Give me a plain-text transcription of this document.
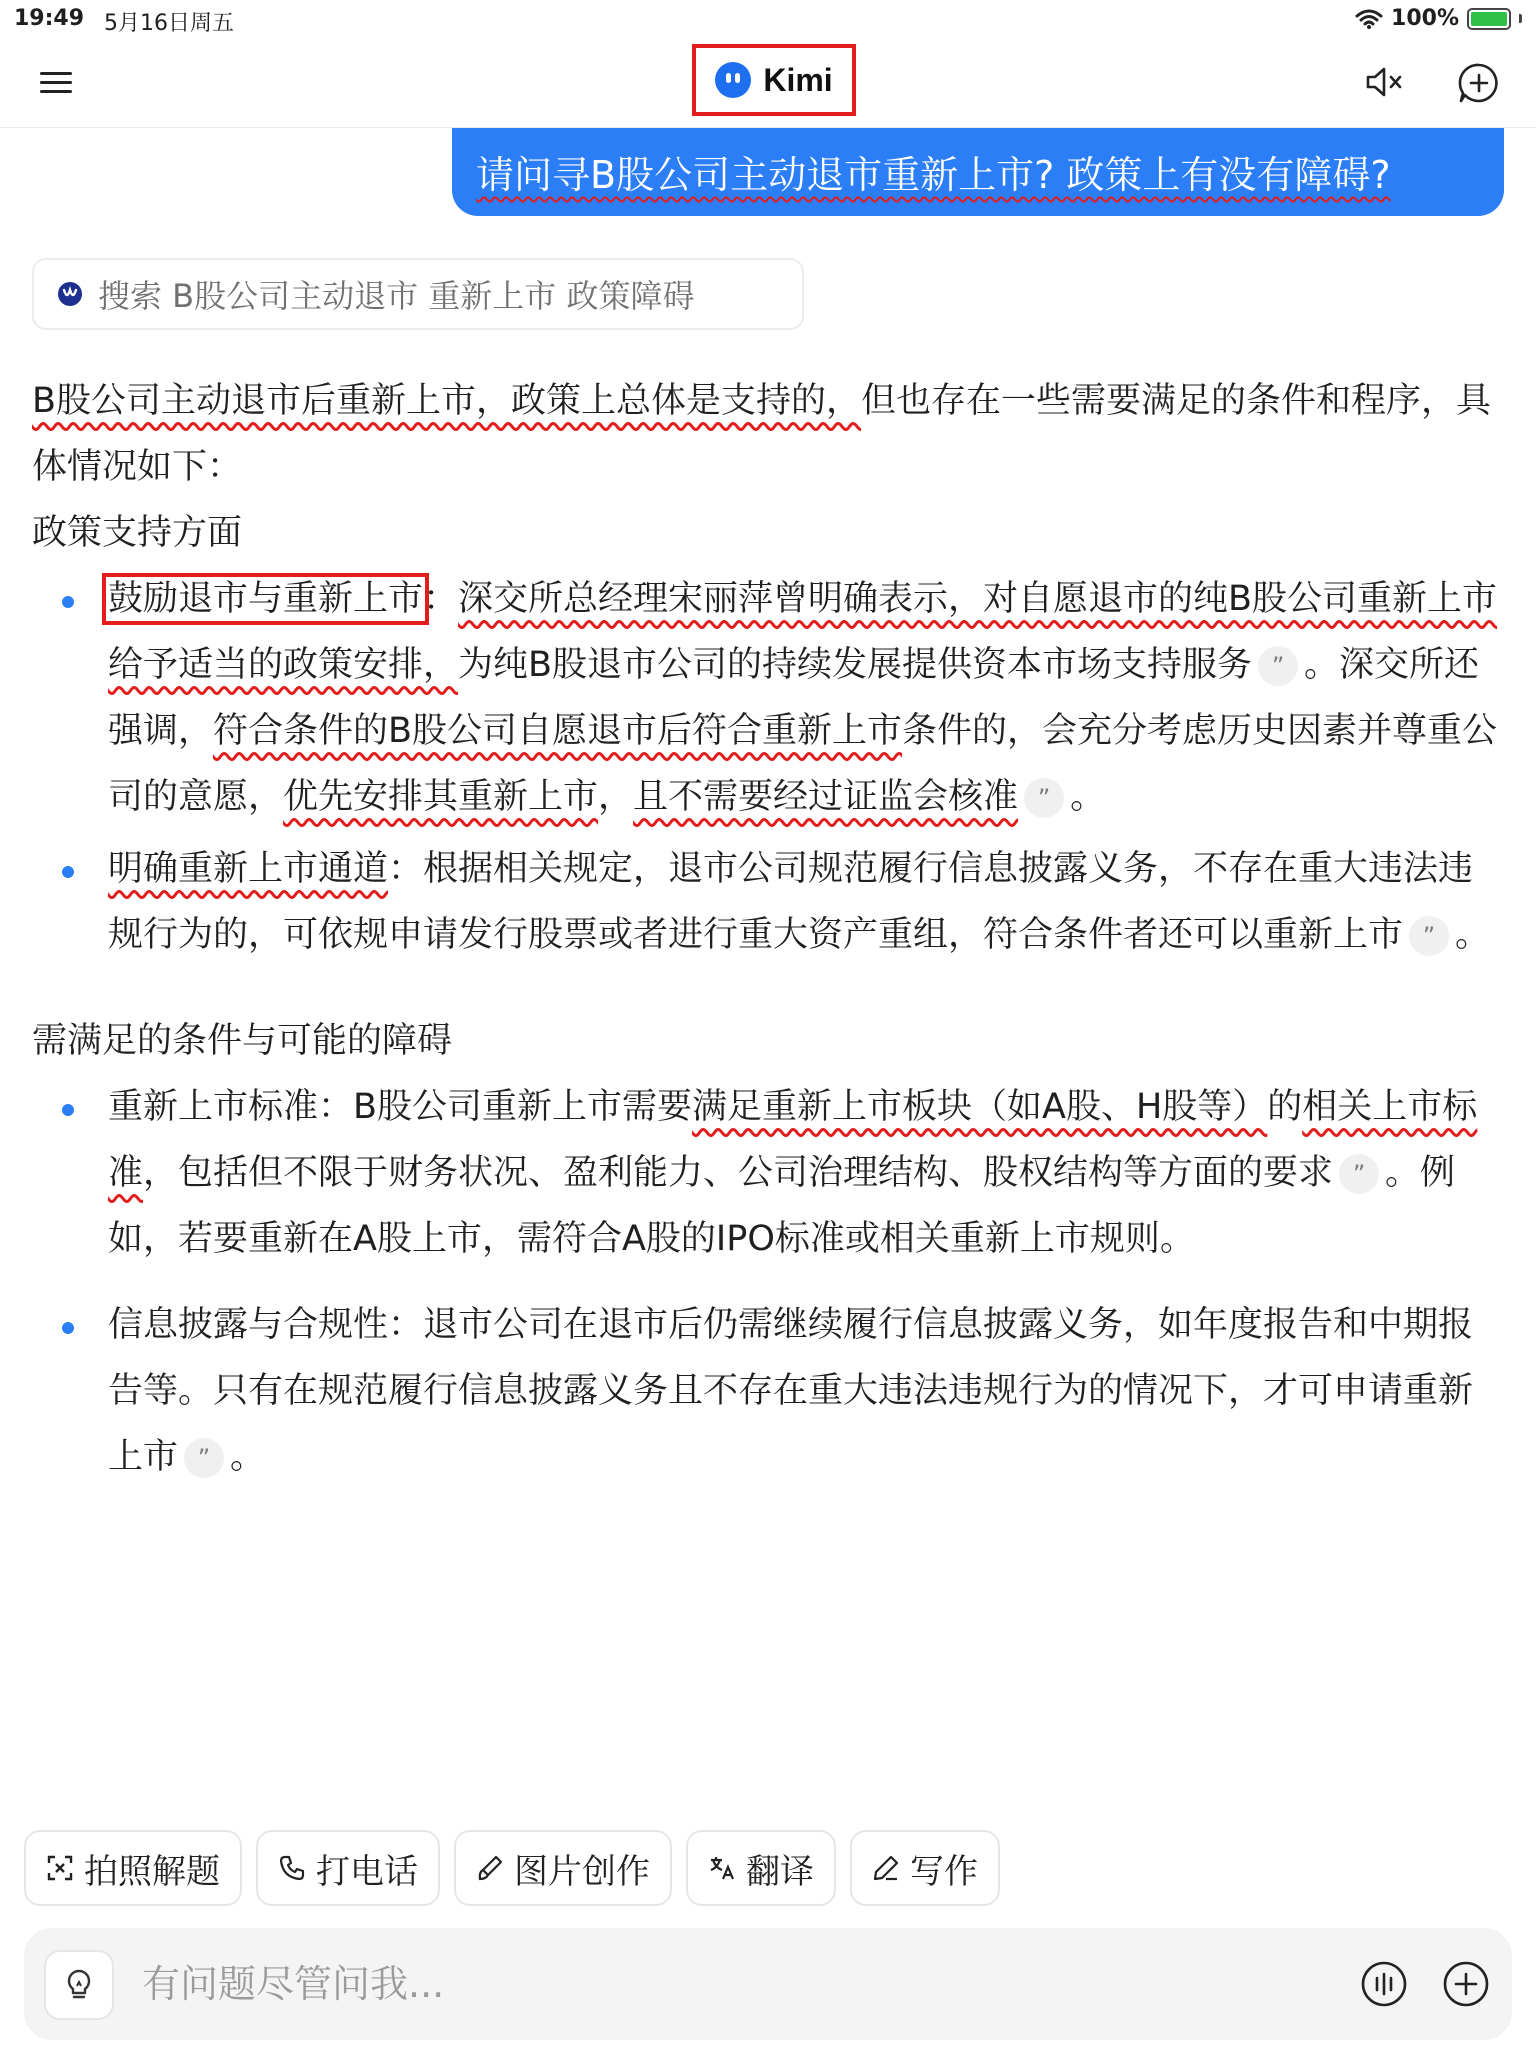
19:49 5月16日周五	100%
Kimi
请问寻B股公司主动退市重新上市? 政策上有没有障碍?
搜索 B股公司主动退市 重新上市 政策障碍

B股公司主动退市后重新上市，政策上总体是支持的，但也存在一些需要满足的条件和程序，具体情况如下：

政策支持方面

鼓励退市与重新上市：深交所总经理宋丽萍曾明确表示，对自愿退市的纯B股公司重新上市给予适当的政策安排，为纯B股退市公司的持续发展提供资本市场支持服务 ” 。深交所还强调，符合条件的B股公司自愿退市后符合重新上市条件的，会充分考虑历史因素并尊重公司的意愿，优先安排其重新上市，且不需要经过证监会核准 ” 。

明确重新上市通道：根据相关规定，退市公司规范履行信息披露义务，不存在重大违法违规行为的，可依规申请发行股票或者进行重大资产重组，符合条件者还可以重新上市 ” 。

需满足的条件与可能的障碍

重新上市标准：B股公司重新上市需要满足重新上市板块（如A股、H股等）的相关上市标准，包括但不限于财务状况、盈利能力、公司治理结构、股权结构等方面的要求 ” 。例如，若要重新在A股上市，需符合A股的IPO标准或相关重新上市规则。

信息披露与合规性：退市公司在退市后仍需继续履行信息披露义务，如年度报告和中期报告等。只有在规范履行信息披露义务且不存在重大违法违规行为的情况下，才可申请重新上市 ” 。

拍照解题	打电话	图片创作	翻译	写作
有问题尽管问我...
